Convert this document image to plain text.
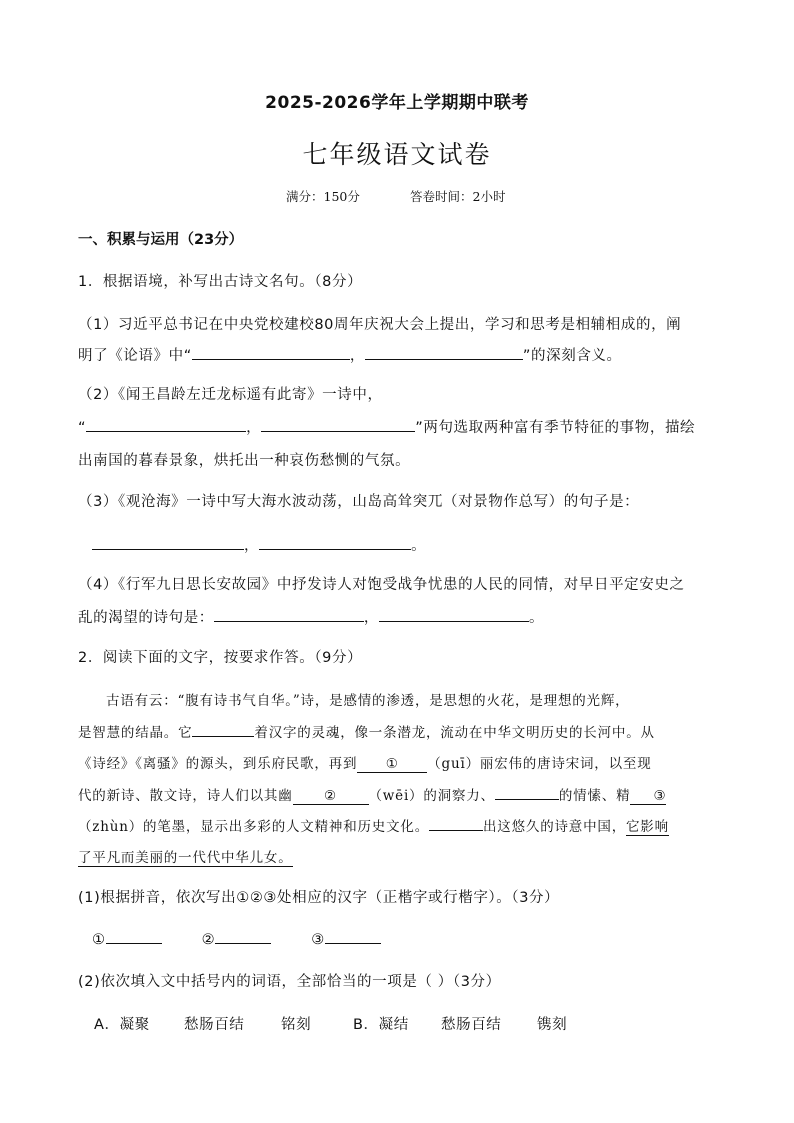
2025-2026学年上学期期中联考
七年级语文试卷
满分：150分	答卷时间：2小时
一、积累与运用（23分）
1．根据语境，补写出古诗文名句。（8分）
（1）习近平总书记在中央党校建校80周年庆祝大会上提出，学习和思考是相辅相成的，阐
明了《论语》中“	，	”的深刻含义。
（2）《闻王昌龄左迁龙标遥有此寄》一诗中，
“	，	”两句选取两种富有季节特征的事物，描绘
出南国的暮春景象，烘托出一种哀伤愁恻的气氛。
（3）《观沧海》一诗中写大海水波动荡，山岛高耸突兀（对景物作总写）的句子是：
，	。
（4）《行军九日思长安故园》中抒发诗人对饱受战争忧患的人民的同情，对早日平定安史之
乱的渴望的诗句是：	，	。
2．阅读下面的文字，按要求作答。（9分）
古语有云：“腹有诗书气自华。”诗，是感情的渗透，是思想的火花，是理想的光辉，
是智慧的结晶。它	着汉字的灵魂，像一条潜龙，流动在中华文明历史的长河中。从
《诗经》《离骚》的源头，到乐府民歌，再到 ① （guī）丽宏伟的唐诗宋词，以至现
代的新诗、散文诗，诗人们以其幽 ② （wēi）的洞察力、	的情愫、精 ③
（zhùn）的笔墨，显示出多彩的人文精神和历史文化。	出这悠久的诗意中国，它影响
了平凡而美丽的一代代中华儿女。
(1)根据拼音，依次写出①②③处相应的汉字（正楷字或行楷字）。（3分）
①	②	③
(2)依次填入文中括号内的词语，全部恰当的一项是（ ）（3分）
A．凝聚 愁肠百结	铭刻	B．凝结 愁肠百结 镌刻
